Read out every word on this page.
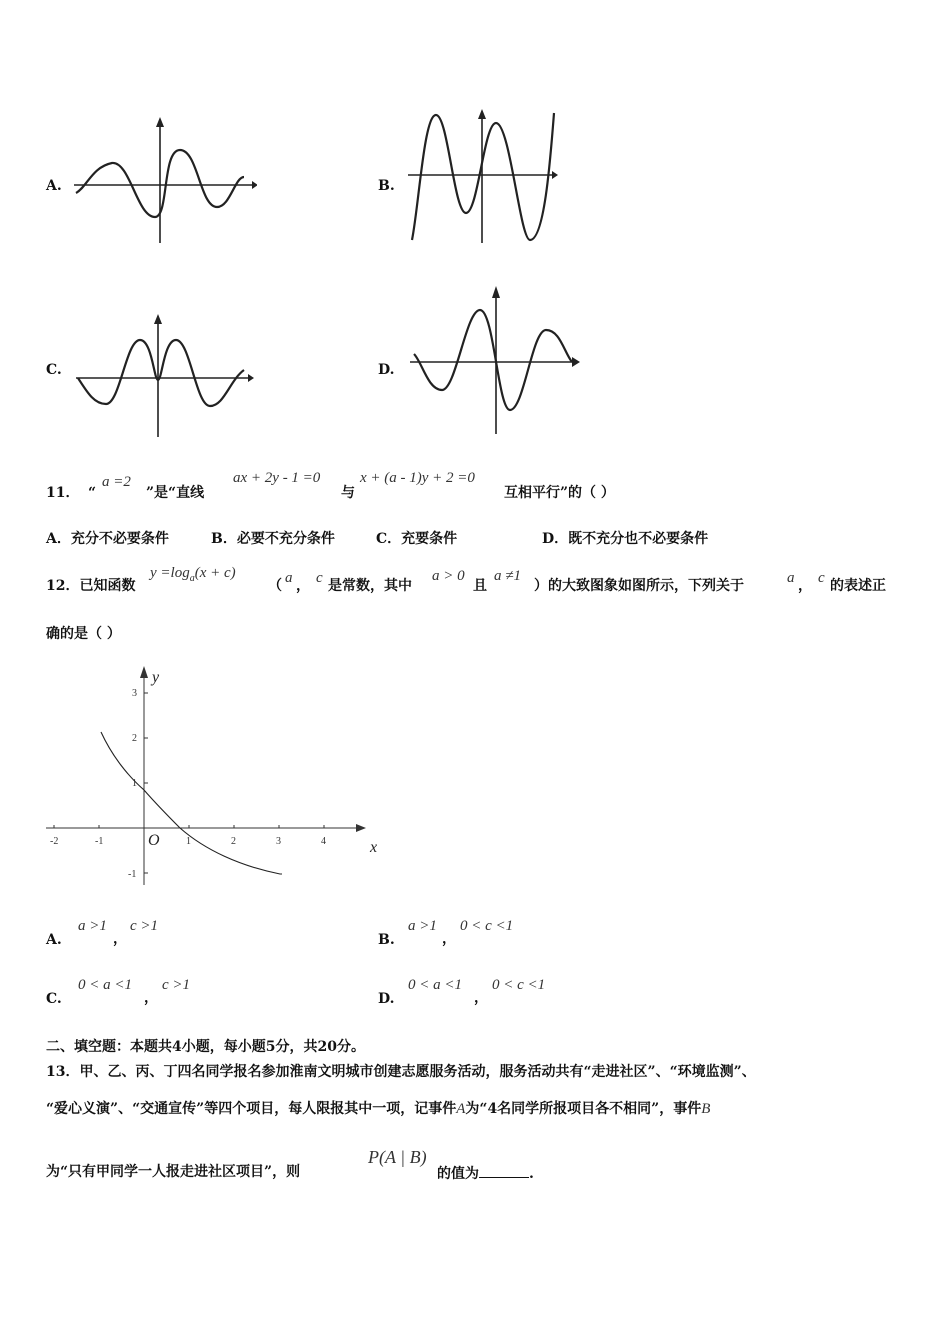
A.	B.
C.	D.
11． “
a =2
”是“直线
ax + 2y - 1 =0
与
x + (a - 1)y + 2 =0
互相平行”的（ ）
A．充分不必要条件	B．必要不充分条件	C．充要条件	D．既不充分也不必要条件
12．已知函数
$y =\log_a(x + c)$
（ a ， c 是常数，其中
a > 0
且
a ≠1
）的大致图象如图所示，下列关于	a ， c 的表述正
确的是（ ）
-2	-1	1	2	3	4
3
2
1
-1
O
y
x
A.
a >1
，
c >1
B.
a >1
，
0 < c <1
C.
0 < a <1
，
c >1
D.
0 < a <1
，
0 < c <1
二、填空题：本题共4小题，每小题5分，共20分。
13．甲、乙、丙、丁四名同学报名参加淮南文明城市创建志愿服务活动，服务活动共有“走进社区”、“环境监测”、
“爱心义演”、“交通宣传”等四个项目，每人限报其中一项，记事件A为“4名同学所报项目各不相同”，事件B
为“只有甲同学一人报走进社区项目”，则
P(A | B)
的值为	.
